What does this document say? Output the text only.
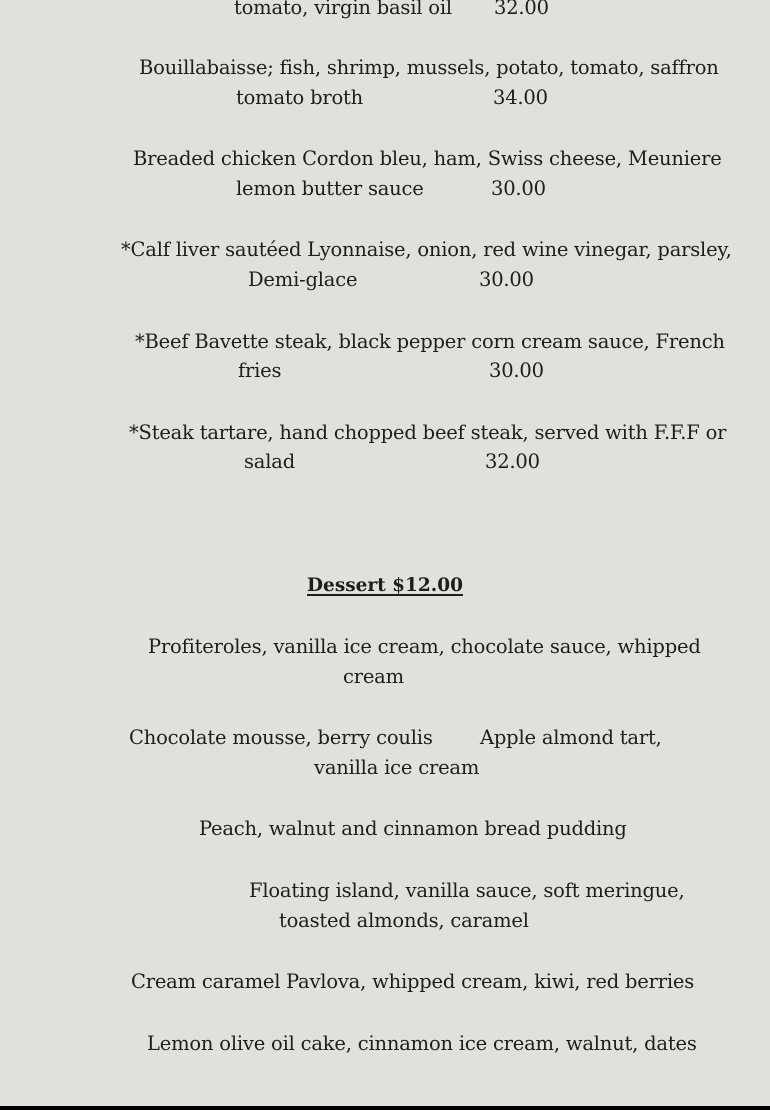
tomato, virgin basil oil 32.00
Bouillabaisse; fish, shrimp, mussels, potato, tomato, saffron
tomato broth	34.00
Breaded chicken Cordon bleu, ham, Swiss cheese, Meuniere
lemon butter sauce	30.00
*Calf liver sautéed Lyonnaise, onion, red wine vinegar, parsley,
Demi-glace	30.00
*Beef Bavette steak, black pepper corn cream sauce, French
fries	30.00
*Steak tartare, hand chopped beef steak, served with F.F.F or
salad	32.00
Dessert $12.00
Profiteroles, vanilla ice cream, chocolate sauce, whipped
cream
Chocolate mousse, berry coulis Apple almond tart,
vanilla ice cream
Peach, walnut and cinnamon bread pudding
Floating island, vanilla sauce, soft meringue,
toasted almonds, caramel
Cream caramel Pavlova, whipped cream, kiwi, red berries
Lemon olive oil cake, cinnamon ice cream, walnut, dates
